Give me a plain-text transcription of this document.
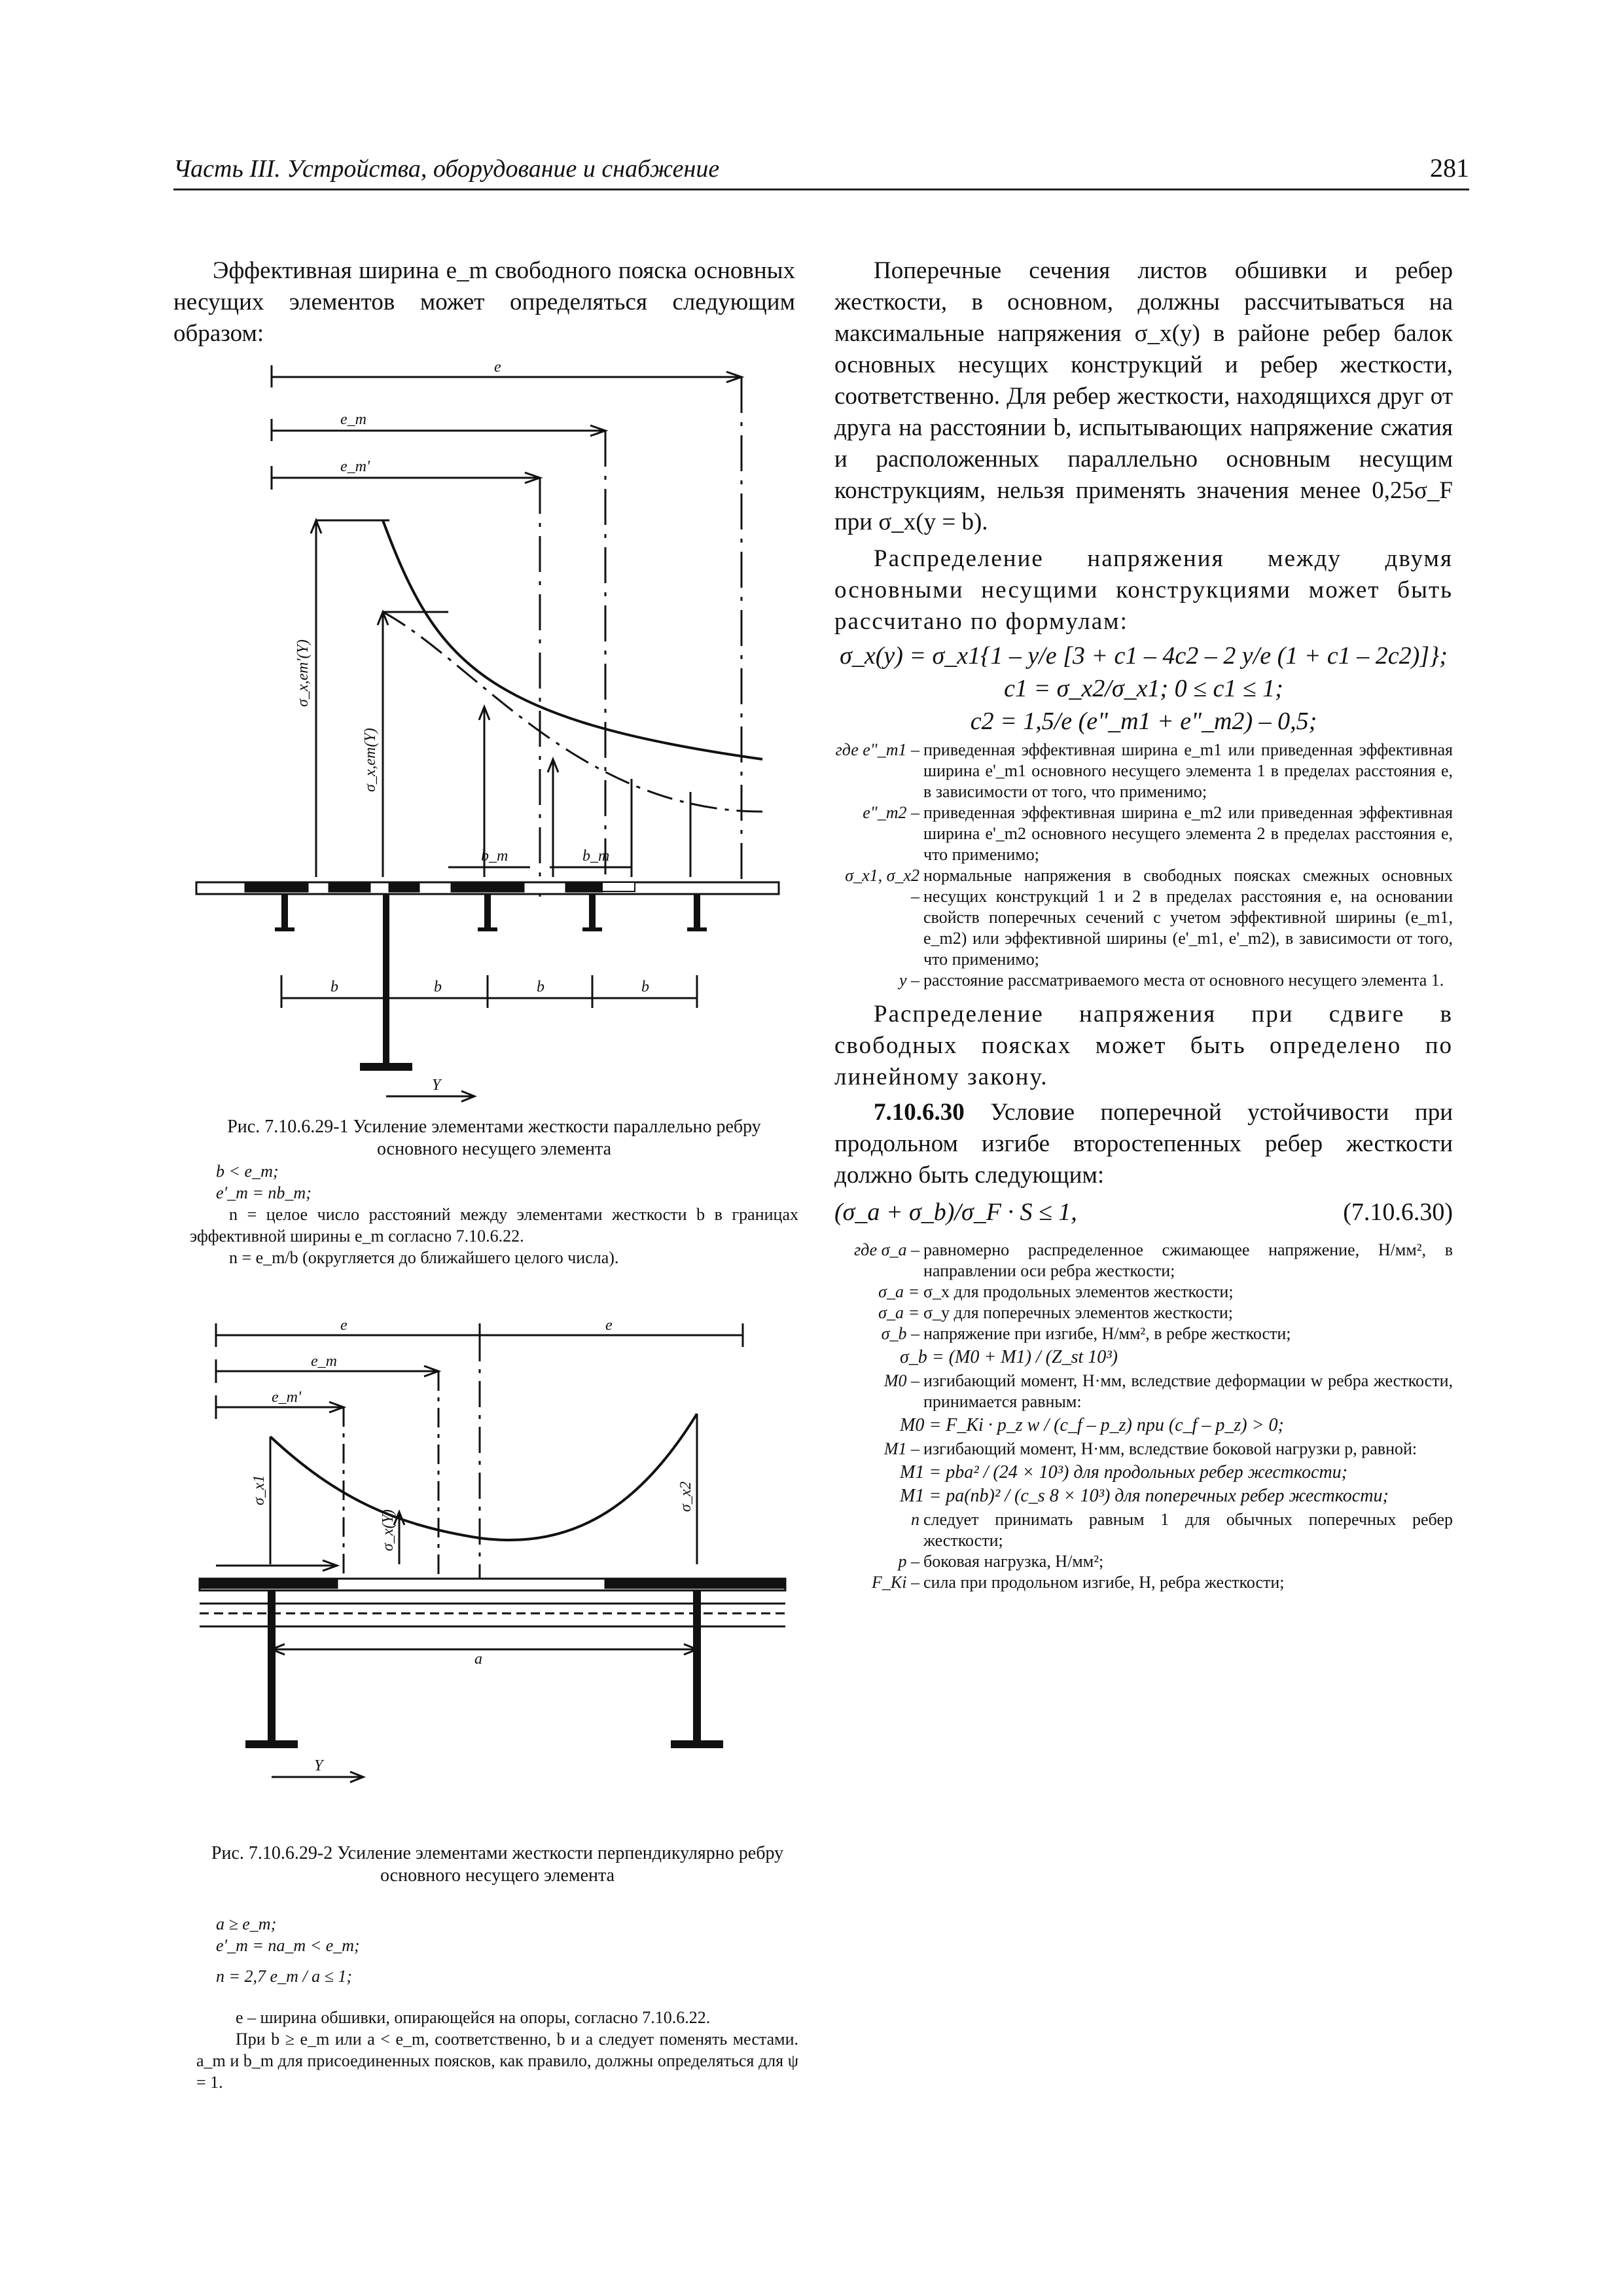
Часть III. Устройства, оборудование и снабжение	281

Эффективная ширина e_m свободного пояска основных несущих элементов может определяться следующим образом:

e
e_m
e_m'
σ_x,em'(Y)
σ_x,em(Y)
b_m	b_m
b	b	b	b
Y

Рис. 7.10.6.29-1 Усиление элементами жесткости параллельно ребру основного несущего элемента

b < e_m;

e'_m = nb_m;

n = целое число расстояний между элементами жесткости b в границах эффективной ширины e_m согласно 7.10.6.22.

n = e_m/b (округляется до ближайшего целого числа).

e	e
e_m
e_m'
σ_x1
σ_x(Y)
σ_x2
a
Y

Рис. 7.10.6.29-2 Усиление элементами жесткости перпендикулярно ребру основного несущего элемента

a ≥ e_m;

e'_m = na_m < e_m;

n = 2,7 e_m / a ≤ 1;

e – ширина обшивки, опирающейся на опоры, согласно 7.10.6.22.

При b ≥ e_m или a < e_m, соответственно, b и a следует поменять местами. a_m и b_m для присоединенных поясков, как правило, должны определяться для ψ = 1.

Поперечные сечения листов обшивки и ребер жесткости, в основном, должны рассчитываться на максимальные напряжения σ_x(y) в районе ребер балок основных несущих конструкций и ребер жесткости, соответственно. Для ребер жесткости, находящихся друг от друга на расстоянии b, испытывающих напряжение сжатия и расположенных параллельно основным несущим конструкциям, нельзя применять значения менее 0,25σ_F при σ_x(y = b).

Распределение напряжения между двумя основными несущими конструкциями может быть рассчитано по формулам:

σ_x(y) = σ_x1{1 – y/e [3 + c1 – 4c2 – 2 y/e (1 + c1 – 2c2)]};

c1 = σ_x2/σ_x1; 0 ≤ c1 ≤ 1;

c2 = 1,5/e (e"_m1 + e"_m2) – 0,5;

где e"_m1 – приведенная эффективная ширина e_m1 или приведенная эффективная ширина e'_m1 основного несущего элемента 1 в пределах расстояния e, в зависимости от того, что применимо;
e"_m2 – приведенная эффективная ширина e_m2 или приведенная эффективная ширина e'_m2 основного несущего элемента 2 в пределах расстояния e, что применимо;
σ_x1, σ_x2 –
нормальные напряжения в свободных поясках смежных основных несущих конструкций 1 и 2 в пределах расстояния e, на основании свойств поперечных сечений с учетом эффективной ширины (e_m1, e_m2) или эффективной ширины (e'_m1, e'_m2), в зависимости от того, что применимо;
y – расстояние рассматриваемого места от основного несущего элемента 1.

Распределение напряжения при сдвиге в свободных поясках может быть определено по линейному закону.

7.10.6.30 Условие поперечной устойчивости при продольном изгибе второстепенных ребер жесткости должно быть следующим:

(σ_a + σ_b)/σ_F · S ≤ 1,	(7.10.6.30)
где σ_a – равномерно распределенное сжимающее напряжение, Н/мм², в направлении оси ребра жесткости;
σ_a = σ_x для продольных элементов жесткости;
σ_a = σ_y для поперечных элементов жесткости;
σ_b – напряжение при изгибе, Н/мм², в ребре жесткости;

σ_b = (M0 + M1) / (Z_st 10³)

M0 – изгибающий момент, Н·мм, вследствие деформации w ребра жесткости, принимается равным:

M0 = F_Ki · p_z w / (c_f – p_z) при (c_f – p_z) > 0;

M1 – изгибающий момент, Н·мм, вследствие боковой нагрузки p, равной:

M1 = pba² / (24 × 10³) для продольных ребер жесткости;

M1 = pa(nb)² / (c_s 8 × 10³) для поперечных ребер жесткости;

n следует принимать равным 1 для обычных поперечных ребер жесткости;
p – боковая нагрузка, Н/мм²;
F_Ki – сила при продольном изгибе, Н, ребра жесткости;
